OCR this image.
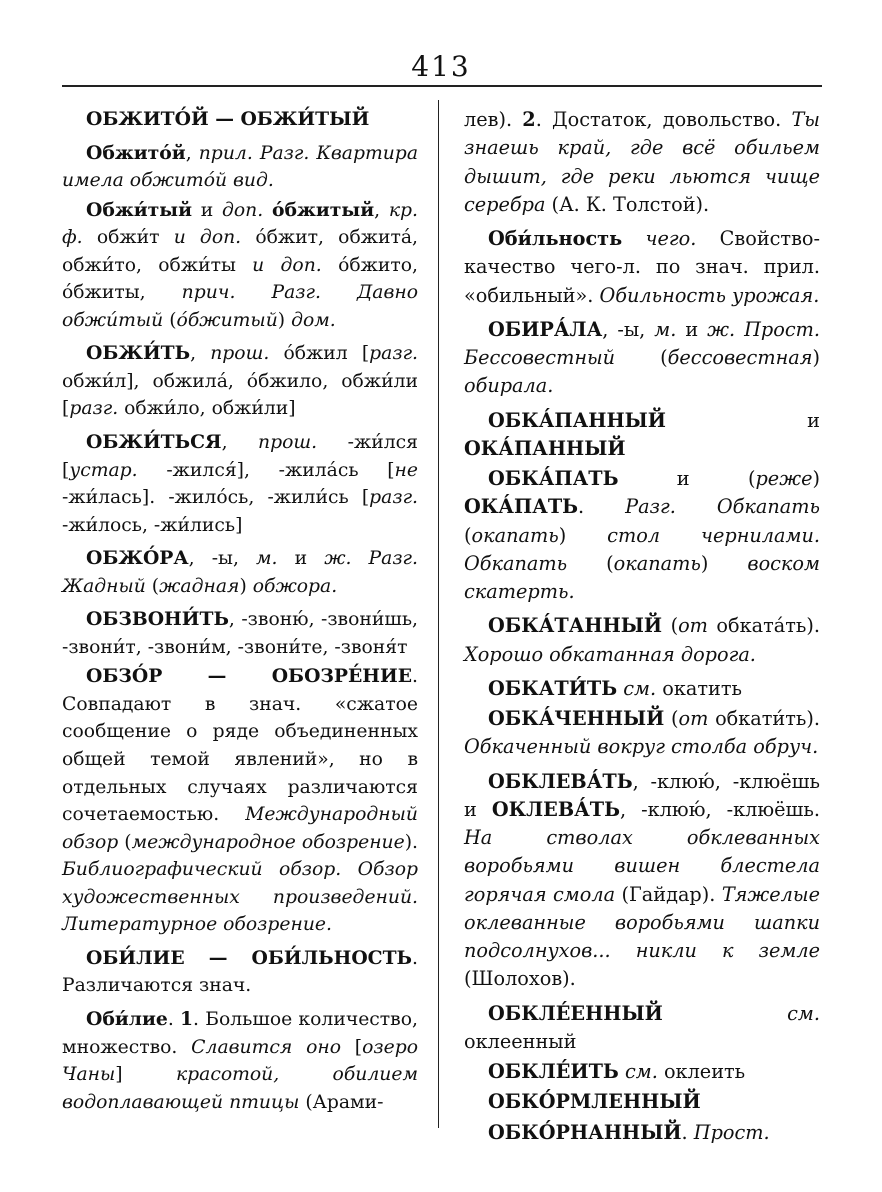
413

ОБЖИТО́Й — ОБЖИ́ТЫЙ

Обжито́й, прил. Разг. Квартира имела обжито́й вид.

Обжи́тый и доп. о́бжитый, кр. ф. обжи́т и доп. о́бжит, обжита́, обжи́то, обжи́ты и доп. о́бжито, о́бжиты, прич. Разг. Давно обжи́тый (о́бжитый) дом.

ОБЖИ́ТЬ, прош. о́бжил [разг. обжи́л], обжила́, о́бжило, обжи́ли [разг. обжи́ло, обжи́ли]

ОБЖИ́ТЬСЯ, прош. -жи́лся [устар. -жился́], -жила́сь [не -жи́лась]. -жило́сь, -жили́сь [разг. -жи́лось, -жи́лись]

ОБЖО́РА, -ы, м. и ж. Разг. Жадный (жадная) обжора.

ОБЗВОНИ́ТЬ, -звоню́, -звони́шь, -звони́т, -звони́м, -звони́те, -звоня́т

ОБЗО́Р — ОБОЗРЕ́НИЕ. Совпадают в знач. «сжатое сообщение о ряде объединенных общей темой явлений», но в отдельных случаях различаются сочетаемостью. Международный обзор (международное обозрение). Библиографический обзор. Обзор художественных произведений. Литературное обозрение.

ОБИ́ЛИЕ — ОБИ́ЛЬНОСТЬ. Различаются знач.

Оби́лие. 1. Большое количество, множество. Славится оно [озеро Чаны] красотой, обилием водоплавающей птицы (Арами-

лев). 2. Достаток, довольство. Ты знаешь край, где всё обильем дышит, где реки льются чище серебра (А. К. Толстой).

Оби́льность чего. Свойство-качество чего-л. по знач. прил. «обильный». Обильность урожая.

ОБИРА́ЛА, -ы, м. и ж. Прост. Бессовестный (бессовестная) обирала.

ОБКА́ПАННЫЙ и ОКА́ПАННЫЙ

ОБКА́ПАТЬ и (реже) ОКА́ПАТЬ. Разг. Обкапать (окапать) стол чернилами. Обкапать (окапать) воском скатерть.

ОБКА́ТАННЫЙ (от обката́ть). Хорошо обкатанная дорога.

ОБКАТИ́ТЬ см. окатить

ОБКА́ЧЕННЫЙ (от обкати́ть). Обкаченный вокруг столба обруч.

ОБКЛЕВА́ТЬ, -клюю́, -клюёшь и ОКЛЕВА́ТЬ, -клюю́, -клюёшь. На стволах обклеванных воробьями вишен блестела горячая смола (Гайдар). Тяжелые оклеванные воробьями шапки подсолнухов... никли к земле (Шолохов).

ОБКЛЕ́ЕННЫЙ	см. оклеенный

ОБКЛЕ́ИТЬ см. оклеить

ОБКО́РМЛЕННЫЙ

ОБКО́РНАННЫЙ. Прост.
